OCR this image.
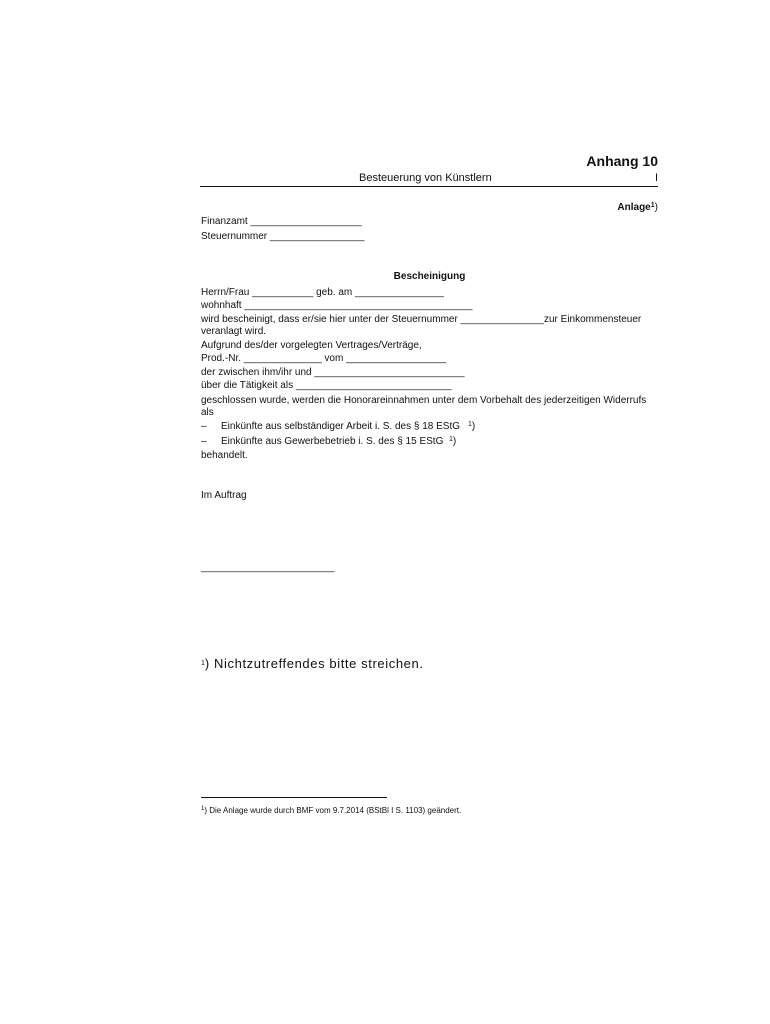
Anhang 10
Besteuerung von Künstlern	I
Anlage$^1$)
Finanzamt ____________________
Steuernummer _________________
Bescheinigung
Herrn/Frau ___________ geb. am ________________
wohnhaft _________________________________________
wird bescheinigt, dass er/sie hier unter der Steuernummer _______________zur Einkommensteuer
veranlagt wird.
Aufgrund des/der vorgelegten Vertrages/Verträge,
Prod.-Nr. ______________ vom __________________
der zwischen ihm/ihr und ___________________________
über die Tätigkeit als ____________________________
geschlossen wurde, werden die Honorareinnahmen unter dem Vorbehalt des jederzeitigen Widerrufs
als
– Einkünfte aus selbständiger Arbeit i. S. des § 18 EStG $^1$)
– Einkünfte aus Gewerbebetrieb i. S. des § 15 EStG $^1$)
behandelt.
Im Auftrag
________________________
$^1$) Nichtzutreffendes bitte streichen.
$^1$) Die Anlage wurde durch BMF vom 9.7.2014 (BStBl I S. 1103) geändert.
